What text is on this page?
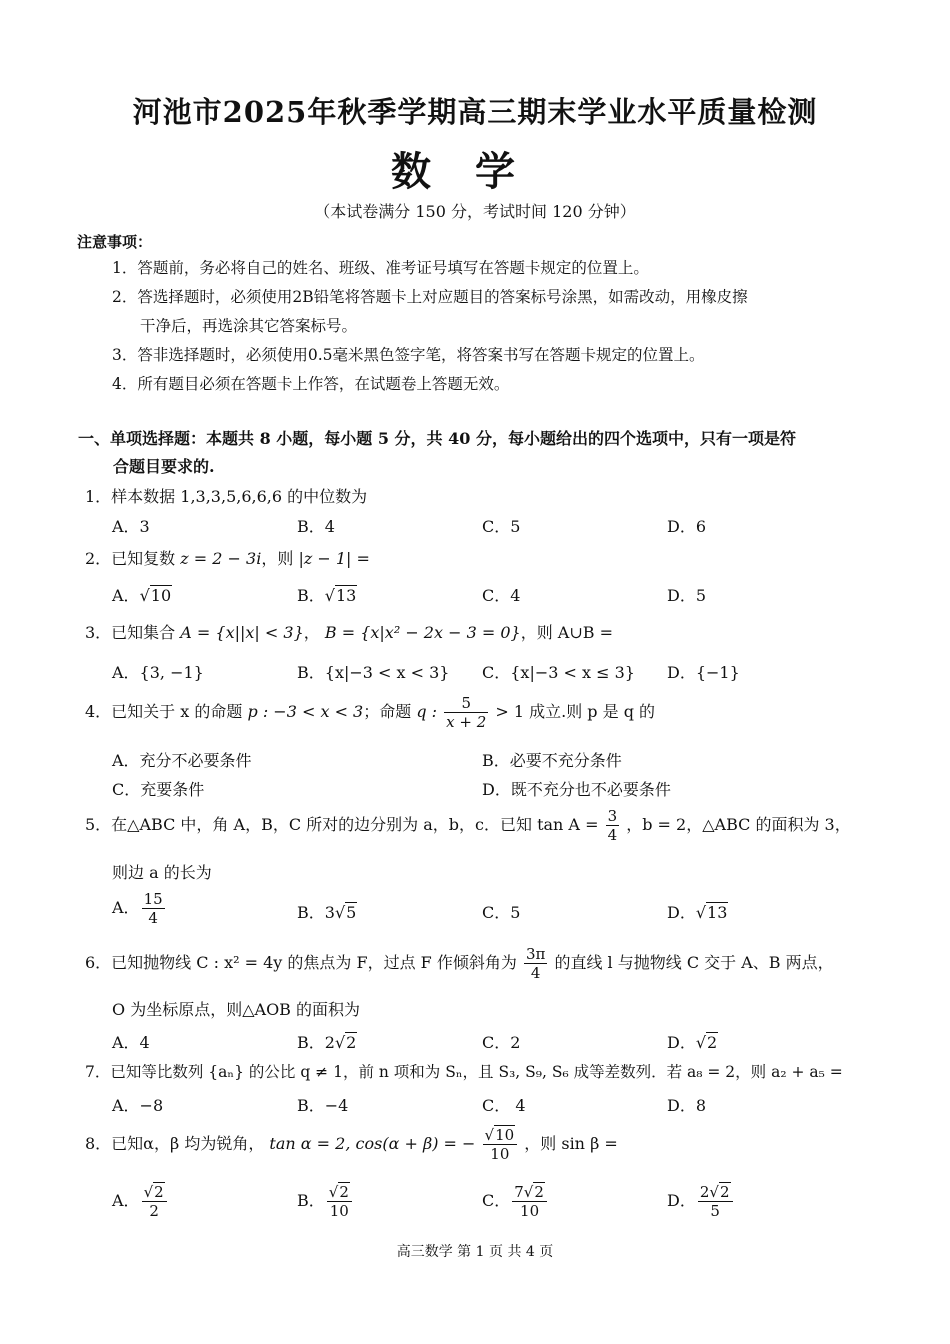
河池市2025年秋季学期高三期末学业水平质量检测
数学
（本试卷满分 150 分，考试时间 120 分钟）
注意事项：
1．答题前，务必将自己的姓名、班级、准考证号填写在答题卡规定的位置上。
2．答选择题时，必须使用2B铅笔将答题卡上对应题目的答案标号涂黑，如需改动，用橡皮擦
干净后，再选涂其它答案标号。
3．答非选择题时，必须使用0.5毫米黑色签字笔，将答案书写在答题卡规定的位置上。
4．所有题目必须在答题卡上作答，在试题卷上答题无效。
一、单项选择题：本题共 8 小题，每小题 5 分，共 40 分，每小题给出的四个选项中，只有一项是符
合题目要求的.
1．样本数据 1,3,3,5,6,6,6 的中位数为
A．3	B．4	C．5	D．6
2．已知复数 z = 2 − 3i，则 |z − 1| =
A．√10	B．√13	C．4	D．5
3．已知集合 A = {x||x| < 3}， B = {x|x² − 2x − 3 = 0}，则 A∪B =
A．{3, −1}	B．{x|−3 < x < 3} C．{x|−3 < x ≤ 3} D．{−1}
4．已知关于 x 的命题 p : −3 < x < 3；命题 q : $\frac{5}{x + 2} > 1$ 成立.则 p 是 q 的
A．充分不必要条件	B．必要不充分条件
C．充要条件	D．既不充分也不必要条件
5．在△ABC 中，角 A，B，C 所对的边分别为 a，b，c．已知 $\tan A = \frac{3}{4}$ ，b = 2，△ABC 的面积为 3，
则边 a 的长为
A． $\frac{15}{4}$	B．3√5	C．5	D．√13
6．已知抛物线 C : x² = 4y 的焦点为 F，过点 F 作倾斜角为 $\frac{3\pi}{4}$ 的直线 l 与抛物线 C 交于 A、B 两点，
O 为坐标原点，则△AOB 的面积为
A．4	B．2√2	C．2	D．√2
7．已知等比数列 {aₙ} 的公比 q ≠ 1，前 n 项和为 Sₙ，且 S₃, S₉, S₆ 成等差数列．若 a₈ = 2，则 a₂ + a₅ =
A．−8	B．−4	C． 4	D．8
8．已知α，β 均为锐角， tan α = 2, cos(α + β) = − $\frac{√10}{10}$ ，则 sin β =
A． $\frac{√2}{2}$	B． $\frac{√2}{10}$	C． $\frac{7√2}{10}$	D． $\frac{2√2}{5}$
高三数学 第 1 页 共 4 页
